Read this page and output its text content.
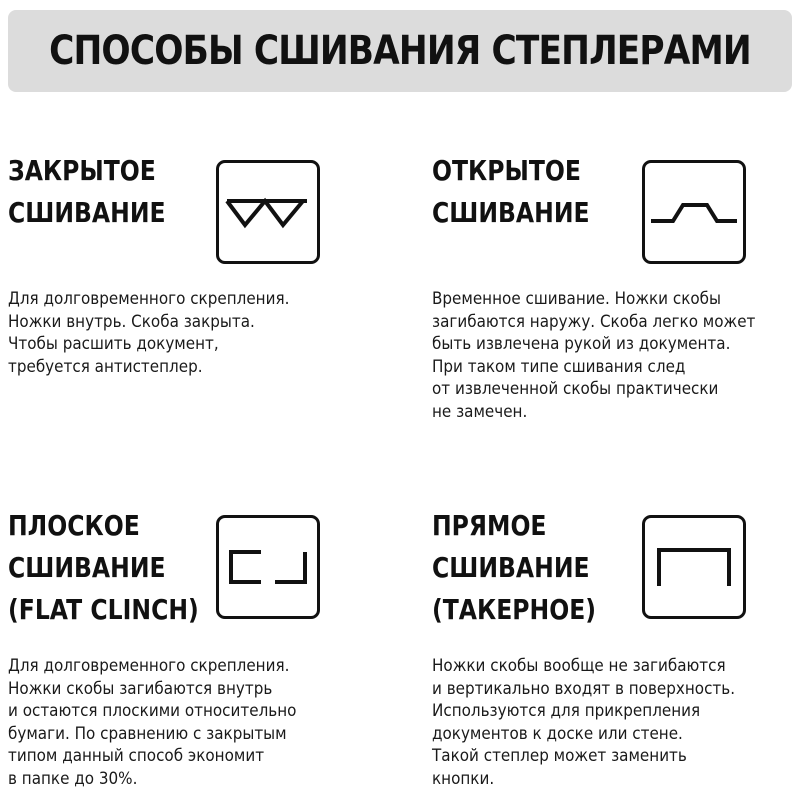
СПОСОБЫ СШИВАНИЯ СТЕПЛЕРАМИ
ЗАКРЫТОЕ
СШИВАНИЕ
Для долговременного скрепления.
Ножки внутрь. Скоба закрыта.
Чтобы расшить документ,
требуется антистеплер.
ОТКРЫТОЕ
СШИВАНИЕ
Временное сшивание. Ножки скобы
загибаются наружу. Скоба легко может
быть извлечена рукой из документа.
При таком типе сшивания след
от извлеченной скобы практически
не замечен.
ПЛОСКОЕ
СШИВАНИЕ
(FLAT CLINCH)
Для долговременного скрепления.
Ножки скобы загибаются внутрь
и остаются плоскими относительно
бумаги. По сравнению с закрытым
типом данный способ экономит
в папке до 30%.
ПРЯМОЕ
СШИВАНИЕ
(ТАКЕРНОЕ)
Ножки скобы вообще не загибаются
и вертикально входят в поверхность.
Используются для прикрепления
документов к доске или стене.
Такой степлер может заменить
кнопки.
